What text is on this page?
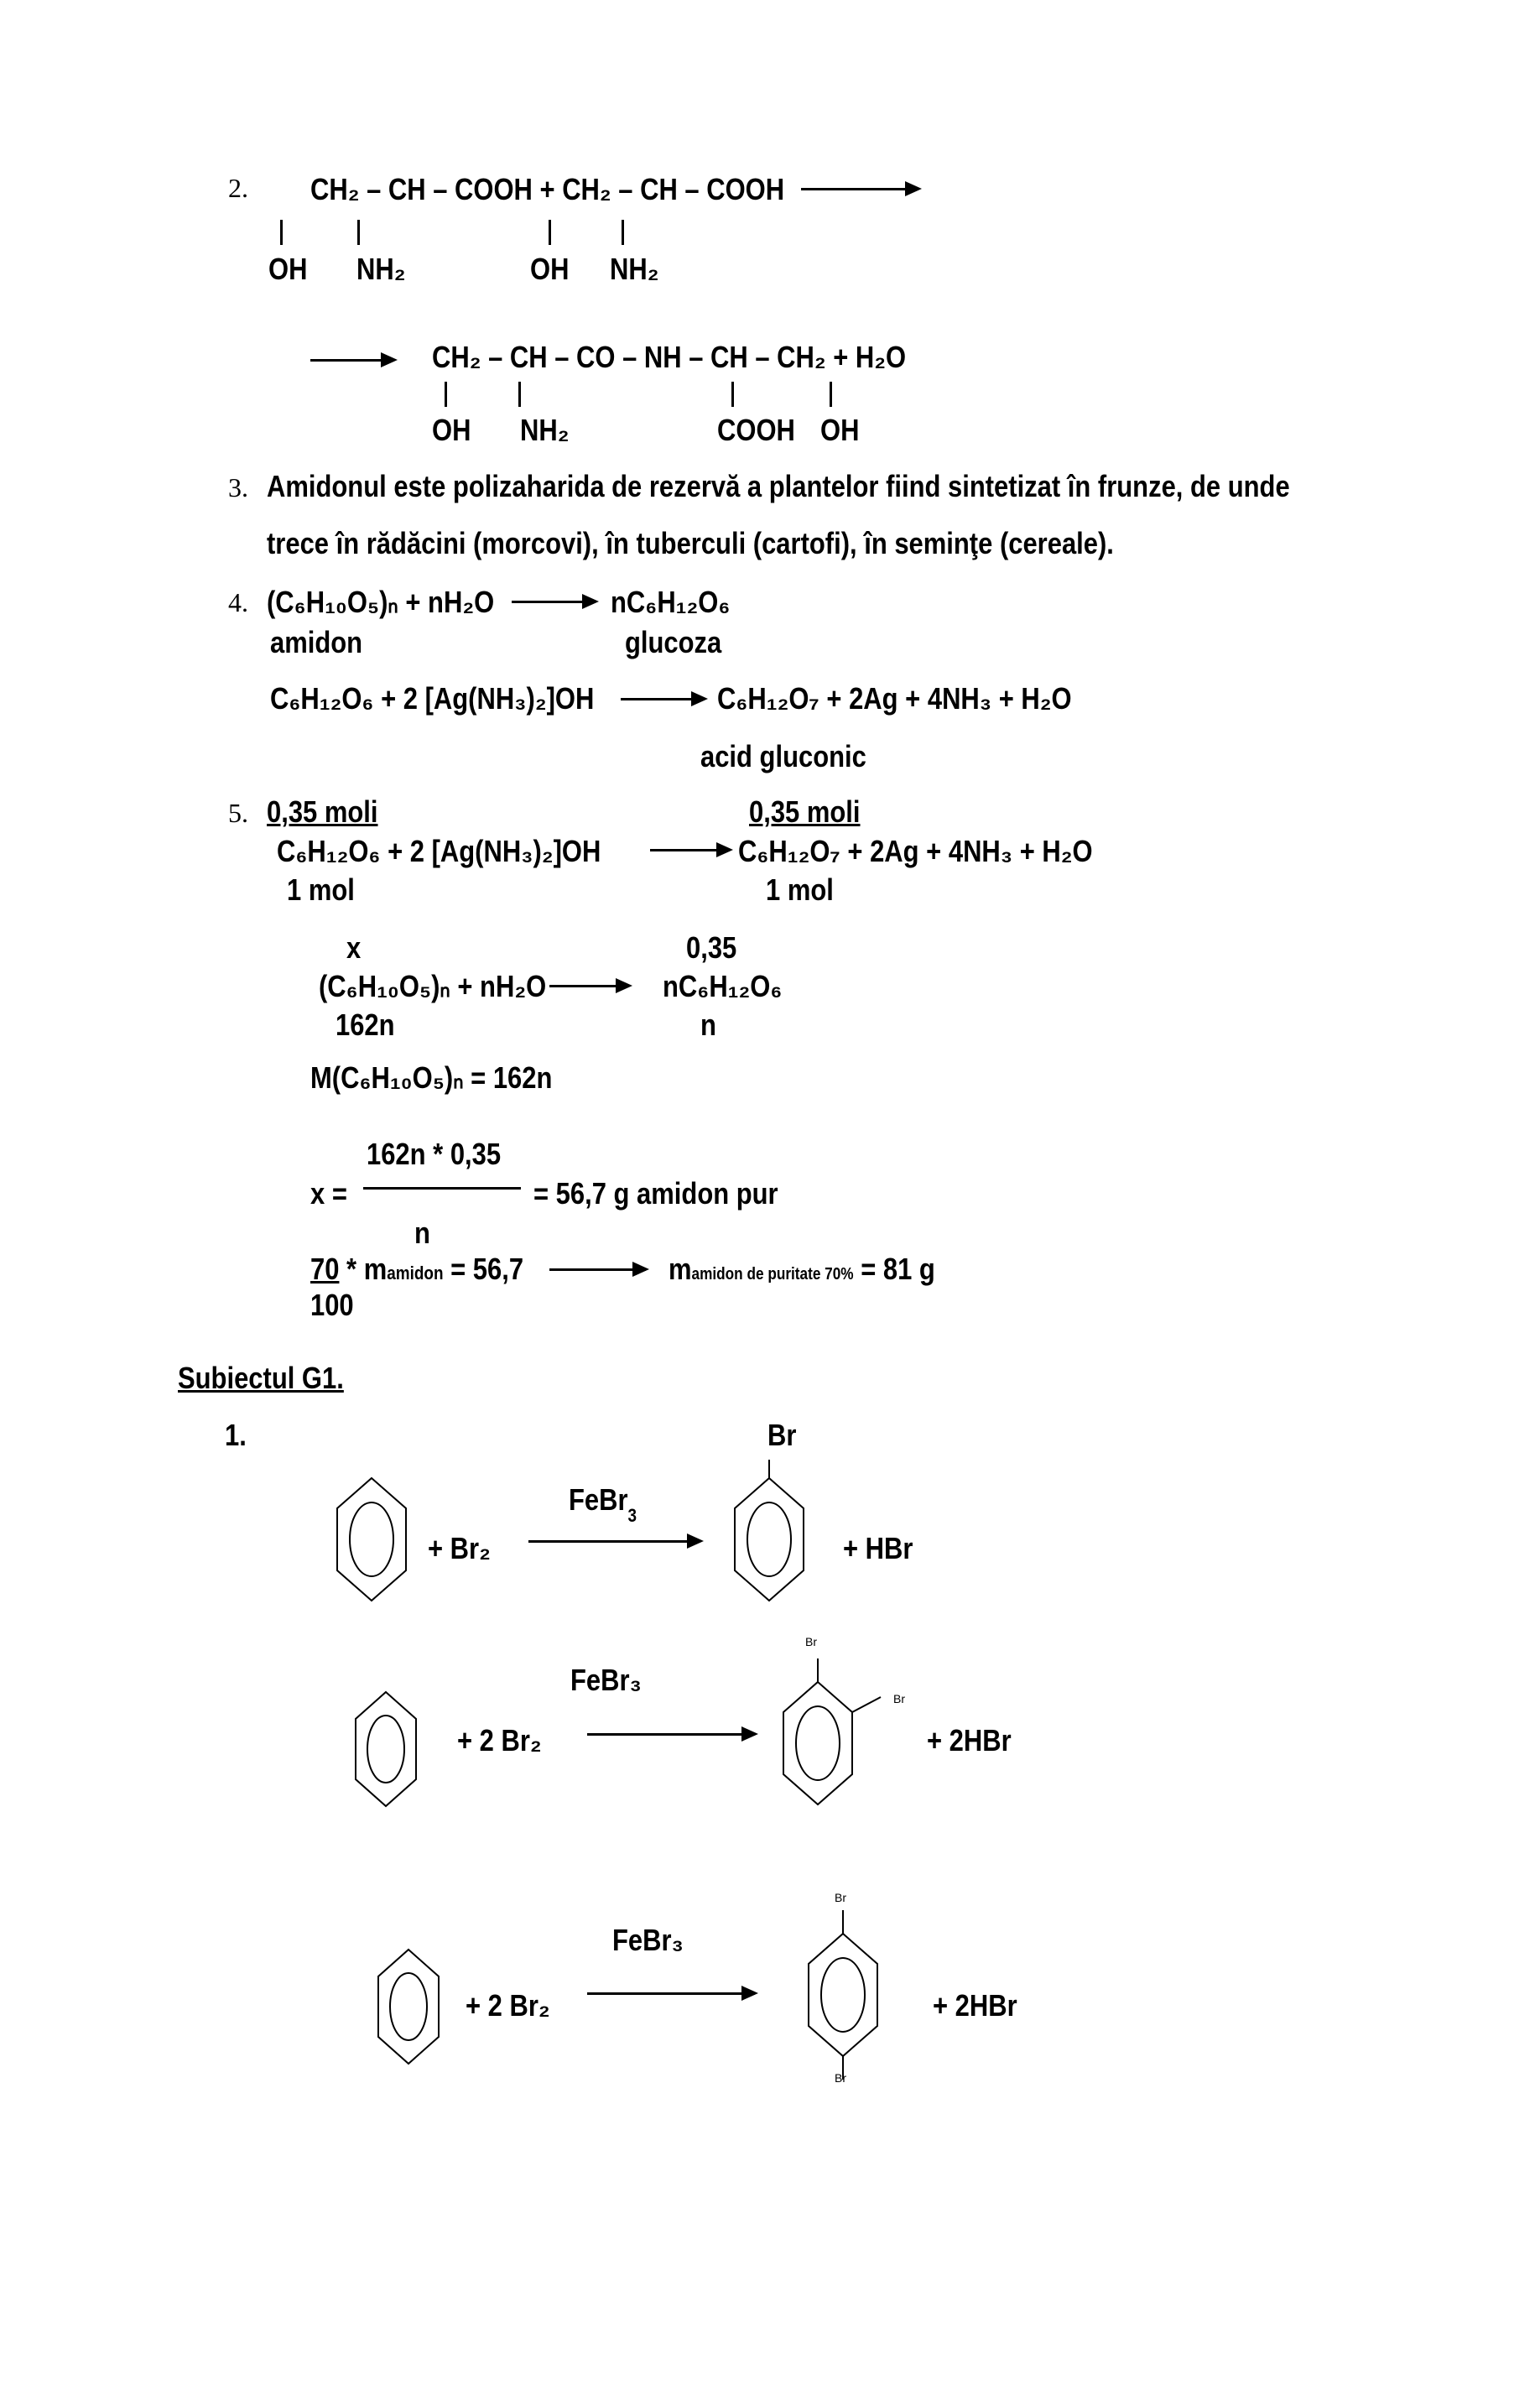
2. CH₂ – CH – COOH + CH₂ – CH – COOH
OH NH₂	OH NH₂
CH₂ – CH – CO – NH – CH – CH₂ + H₂O
OH NH₂	COOH OH
3. Amidonul este polizaharida de rezervă a plantelor fiind sintetizat în frunze, de unde
trece în rădăcini (morcovi), în tuberculi (cartofi), în seminţe (cereale).
4. (C₆H₁₀O₅)ₙ + nH₂O	nC₆H₁₂O₆
amidon	glucoza
C₆H₁₂O₆ + 2 [Ag(NH₃)₂]OH	C₆H₁₂O₇ + 2Ag + 4NH₃ + H₂O
acid gluconic
5. 0,35 moli	0,35 moli
C₆H₁₂O₆ + 2 [Ag(NH₃)₂]OH	C₆H₁₂O₇ + 2Ag + 4NH₃ + H₂O
1 mol	1 mol
x	0,35
(C₆H₁₀O₅)ₙ + nH₂O	nC₆H₁₂O₆
162n	n
M(C₆H₁₀O₅)ₙ = 162n
162n * 0,35
x =	= 56,7 g amidon pur
n
70 * mamidon = 56,7	mamidon de puritate 70% = 81 g
100
Subiectul G1.
1.
+ Br₂
FeBr$_3$
Br
+ HBr
+ 2 Br₂
FeBr₃
Br
Br
+ 2HBr
+ 2 Br₂
FeBr₃
Br
Br
+ 2HBr
